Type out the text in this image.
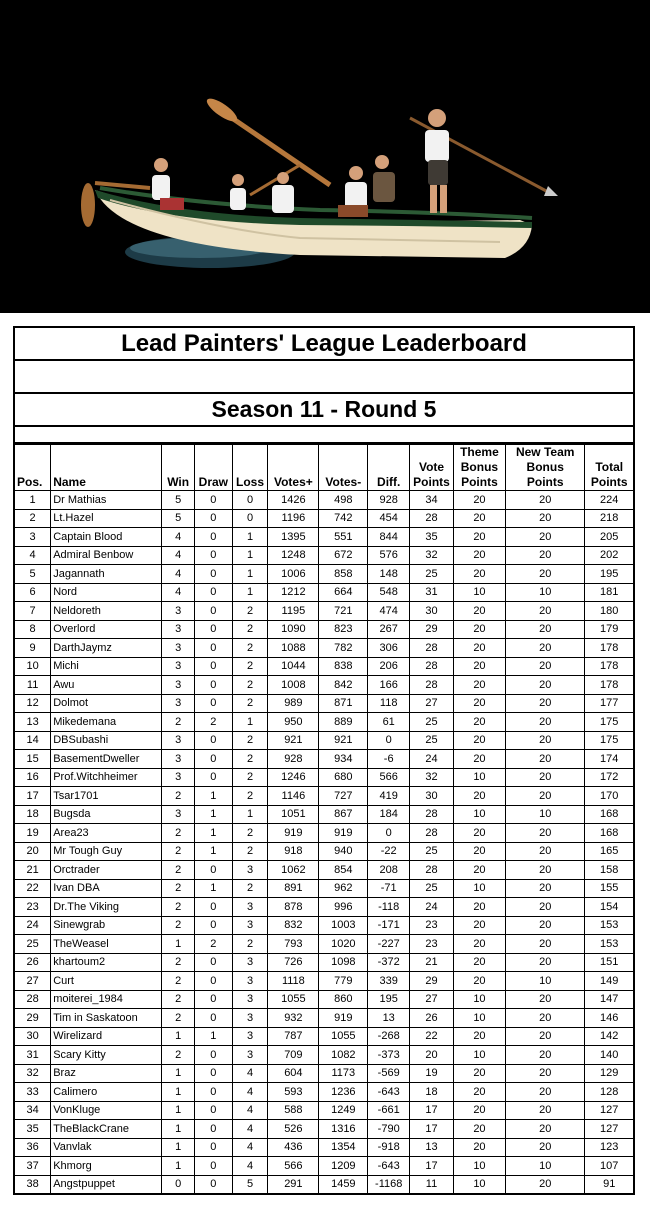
Lead Painters' League Leaderboard
Season 11 - Round 5
Pos.	Name	Win	Draw	Loss	Votes+	Votes-	Diff.	Vote
Points	Theme
Bonus
Points	New Team
Bonus
Points	Total
Points
1	Dr Mathias	5	0	0	1426	498	928	34	20	20	224
2	Lt.Hazel	5	0	0	1196	742	454	28	20	20	218
3	Captain Blood	4	0	1	1395	551	844	35	20	20	205
4	Admiral Benbow	4	0	1	1248	672	576	32	20	20	202
5	Jagannath	4	0	1	1006	858	148	25	20	20	195
6	Nord	4	0	1	1212	664	548	31	10	10	181
7	Neldoreth	3	0	2	1195	721	474	30	20	20	180
8	Overlord	3	0	2	1090	823	267	29	20	20	179
9	DarthJaymz	3	0	2	1088	782	306	28	20	20	178
10	Michi	3	0	2	1044	838	206	28	20	20	178
11	Awu	3	0	2	1008	842	166	28	20	20	178
12	Dolmot	3	0	2	989	871	118	27	20	20	177
13	Mikedemana	2	2	1	950	889	61	25	20	20	175
14	DBSubashi	3	0	2	921	921	0	25	20	20	175
15	BasementDweller	3	0	2	928	934	-6	24	20	20	174
16	Prof.Witchheimer	3	0	2	1246	680	566	32	10	20	172
17	Tsar1701	2	1	2	1146	727	419	30	20	20	170
18	Bugsda	3	1	1	1051	867	184	28	10	10	168
19	Area23	2	1	2	919	919	0	28	20	20	168
20	Mr Tough Guy	2	1	2	918	940	-22	25	20	20	165
21	Orctrader	2	0	3	1062	854	208	28	20	20	158
22	Ivan DBA	2	1	2	891	962	-71	25	10	20	155
23	Dr.The Viking	2	0	3	878	996	-118	24	20	20	154
24	Sinewgrab	2	0	3	832	1003	-171	23	20	20	153
25	TheWeasel	1	2	2	793	1020	-227	23	20	20	153
26	khartoum2	2	0	3	726	1098	-372	21	20	20	151
27	Curt	2	0	3	1118	779	339	29	20	10	149
28	moiterei_1984	2	0	3	1055	860	195	27	10	20	147
29	Tim in Saskatoon	2	0	3	932	919	13	26	10	20	146
30	Wirelizard	1	1	3	787	1055	-268	22	20	20	142
31	Scary Kitty	2	0	3	709	1082	-373	20	10	20	140
32	Braz	1	0	4	604	1173	-569	19	20	20	129
33	Calimero	1	0	4	593	1236	-643	18	20	20	128
34	VonKluge	1	0	4	588	1249	-661	17	20	20	127
35	TheBlackCrane	1	0	4	526	1316	-790	17	20	20	127
36	Vanvlak	1	0	4	436	1354	-918	13	20	20	123
37	Khmorg	1	0	4	566	1209	-643	17	10	10	107
38	Angstpuppet	0	0	5	291	1459	-1168	11	10	20	91
